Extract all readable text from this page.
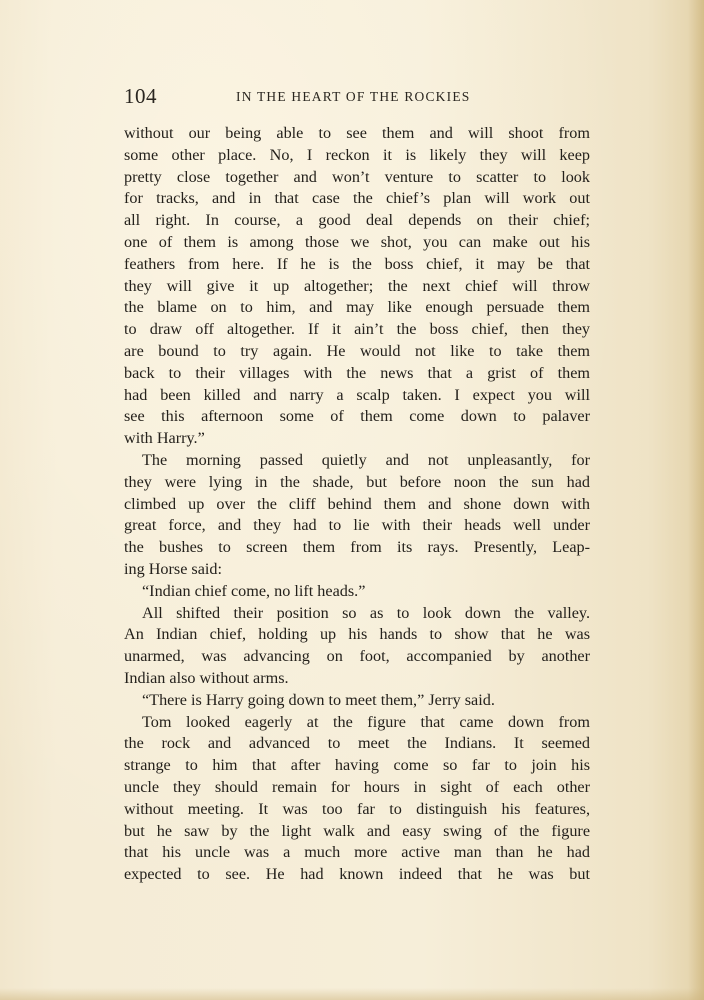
104	IN THE HEART OF THE ROCKIES
without our being able to see them and will shoot from
some other place. No, I reckon it is likely they will keep
pretty close together and won’t venture to scatter to look
for tracks, and in that case the chief’s plan will work out
all right. In course, a good deal depends on their chief;
one of them is among those we shot, you can make out his
feathers from here. If he is the boss chief, it may be that
they will give it up altogether; the next chief will throw
the blame on to him, and may like enough persuade them
to draw off altogether. If it ain’t the boss chief, then they
are bound to try again. He would not like to take them
back to their villages with the news that a grist of them
had been killed and narry a scalp taken. I expect you will
see this afternoon some of them come down to palaver
with Harry.”
The morning passed quietly and not unpleasantly, for
they were lying in the shade, but before noon the sun had
climbed up over the cliff behind them and shone down with
great force, and they had to lie with their heads well under
the bushes to screen them from its rays. Presently, Leap-
ing Horse said:
“Indian chief come, no lift heads.”
All shifted their position so as to look down the valley.
An Indian chief, holding up his hands to show that he was
unarmed, was advancing on foot, accompanied by another
Indian also without arms.
“There is Harry going down to meet them,” Jerry said.
Tom looked eagerly at the figure that came down from
the rock and advanced to meet the Indians. It seemed
strange to him that after having come so far to join his
uncle they should remain for hours in sight of each other
without meeting. It was too far to distinguish his features,
but he saw by the light walk and easy swing of the figure
that his uncle was a much more active man than he had
expected to see. He had known indeed that he was but
